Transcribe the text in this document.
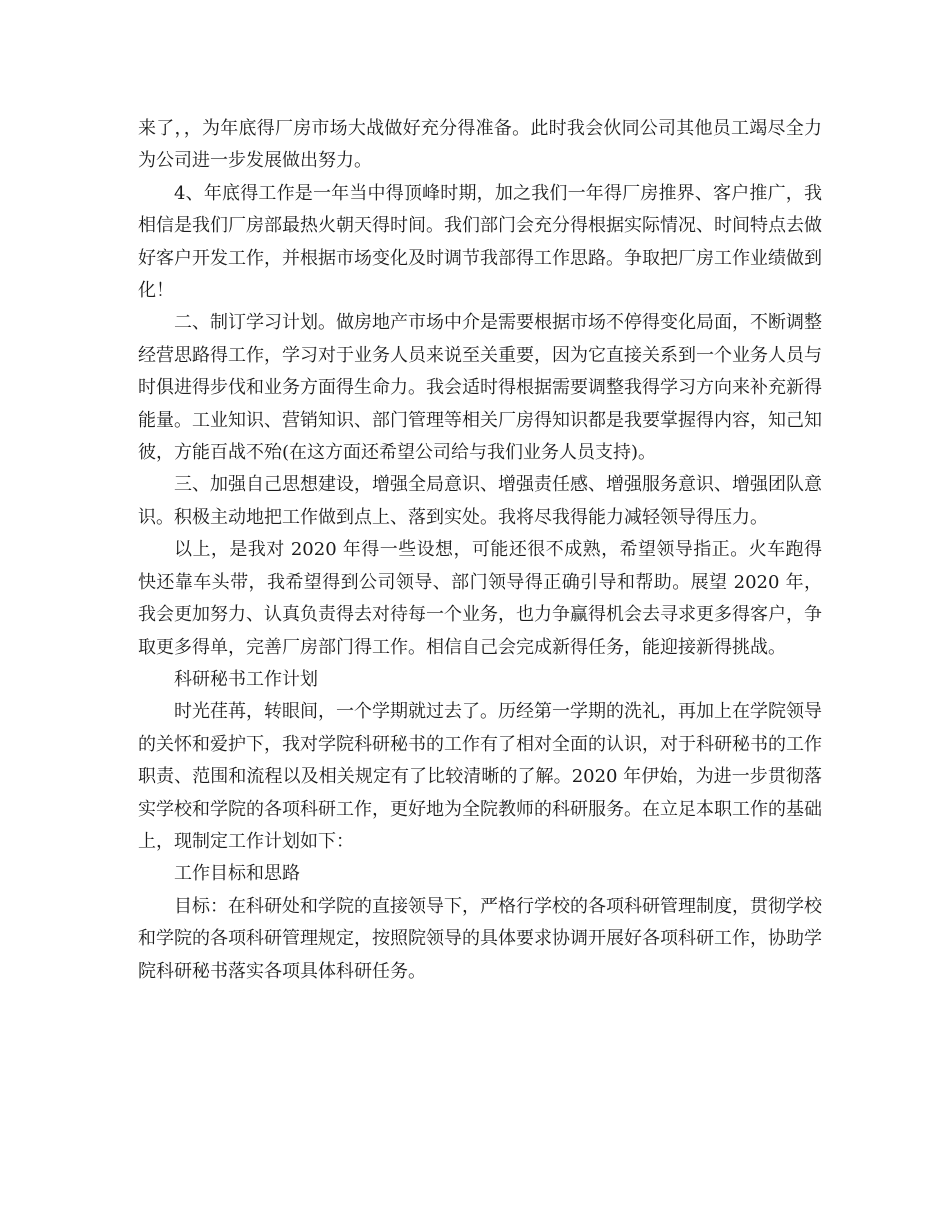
来了，，为年底得厂房市场大战做好充分得准备。此时我会伙同公司其他员工竭尽全力为公司进一步发展做出努力。

4、年底得工作是一年当中得顶峰时期，加之我们一年得厂房推界、客户推广，我相信是我们厂房部最热火朝天得时间。我们部门会充分得根据实际情况、时间特点去做好客户开发工作，并根据市场变化及时调节我部得工作思路。争取把厂房工作业绩做到化！

二、制订学习计划。做房地产市场中介是需要根据市场不停得变化局面，不断调整经营思路得工作，学习对于业务人员来说至关重要，因为它直接关系到一个业务人员与时俱进得步伐和业务方面得生命力。我会适时得根据需要调整我得学习方向来补充新得能量。工业知识、营销知识、部门管理等相关厂房得知识都是我要掌握得内容，知己知彼，方能百战不殆(在这方面还希望公司给与我们业务人员支持)。

三、加强自己思想建设，增强全局意识、增强责任感、增强服务意识、增强团队意识。积极主动地把工作做到点上、落到实处。我将尽我得能力减轻领导得压力。

以上，是我对 2020 年得一些设想，可能还很不成熟，希望领导指正。火车跑得快还靠车头带，我希望得到公司领导、部门领导得正确引导和帮助。展望 2020 年，我会更加努力、认真负责得去对待每一个业务，也力争赢得机会去寻求更多得客户，争取更多得单，完善厂房部门得工作。相信自己会完成新得任务，能迎接新得挑战。

科研秘书工作计划

时光荏苒，转眼间，一个学期就过去了。历经第一学期的洗礼，再加上在学院领导的关怀和爱护下，我对学院科研秘书的工作有了相对全面的认识，对于科研秘书的工作职责、范围和流程以及相关规定有了比较清晰的了解。2020 年伊始，为进一步贯彻落实学校和学院的各项科研工作，更好地为全院教师的科研服务。在立足本职工作的基础上，现制定工作计划如下：

工作目标和思路

目标：在科研处和学院的直接领导下，严格行学校的各项科研管理制度，贯彻学校和学院的各项科研管理规定，按照院领导的具体要求协调开展好各项科研工作，协助学院科研秘书落实各项具体科研任务。
